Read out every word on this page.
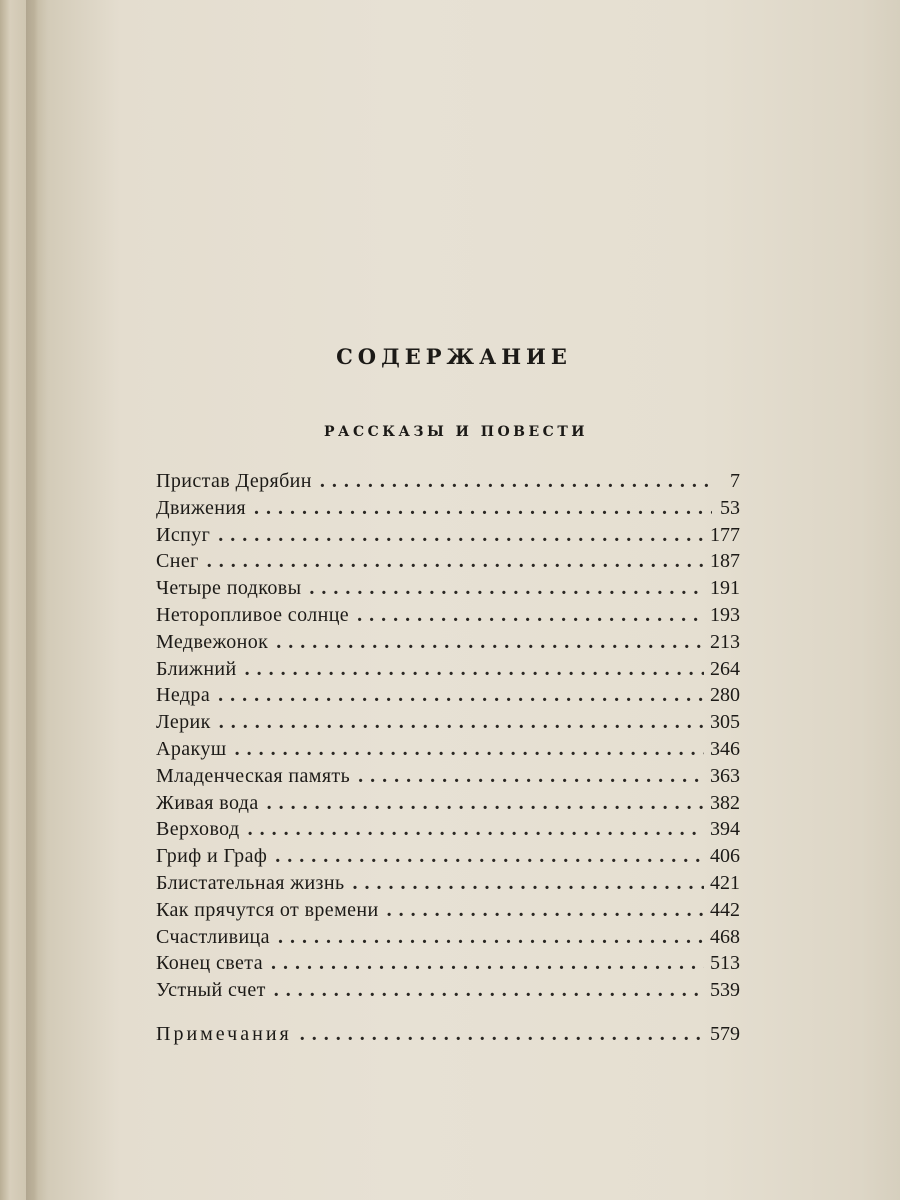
СОДЕРЖАНИЕ
РАССКАЗЫ И ПОВЕСТИ
Пристав Дерябин . . .	7
Движения . . .	53
Испуг . . .	177
Снег . . .	187
Четыре подковы . . .	191
Неторопливое солнце . . .	193
Медвежонок . . .	213
Ближний . . .	264
Недра . . .	280
Лерик . . .	305
Аракуш . . .	346
Младенческая память . . .	363
Живая вода . . .	382
Верховод . . .	394
Гриф и Граф . . .	406
Блистательная жизнь . . .	421
Как прячутся от времени . . .	442
Счастливица . . .	468
Конец света . . .	513
Устный счет . . .	539
Примечания . . .	579
